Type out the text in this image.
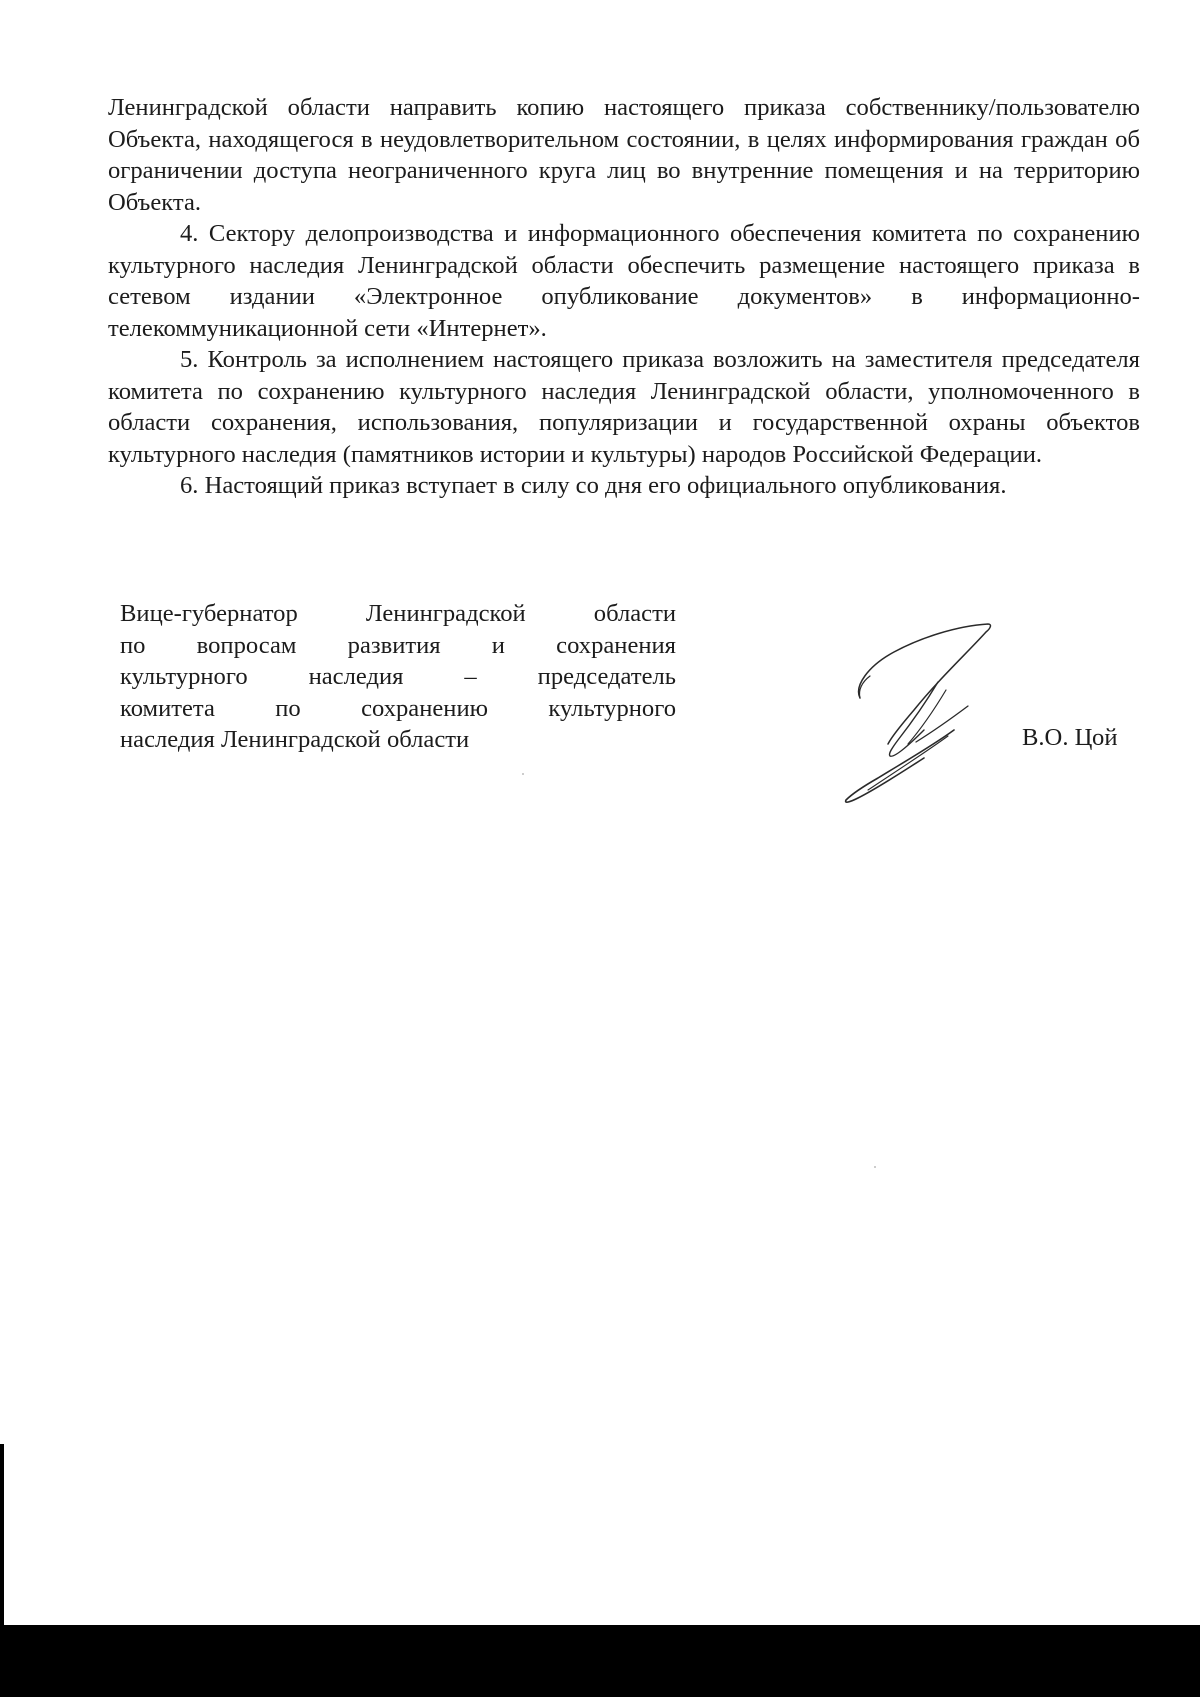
Ленинградской области направить копию настоящего приказа собственнику/пользователю Объекта, находящегося в неудовлетворительном состоянии, в целях информирования граждан об ограничении доступа неограниченного круга лиц во внутренние помещения и на территорию Объекта.

4. Сектору делопроизводства и информационного обеспечения комитета по сохранению культурного наследия Ленинградской области обеспечить размещение настоящего приказа в сетевом издании «Электронное опубликование документов» в информационно-телекоммуникационной сети «Интернет».

5. Контроль за исполнением настоящего приказа возложить на заместителя председателя комитета по сохранению культурного наследия Ленинградской области, уполномоченного в области сохранения, использования, популяризации и государственной охраны объектов культурного наследия (памятников истории и культуры) народов Российской Федерации.

6. Настоящий приказ вступает в силу со дня его официального опубликования.

Вице-губернатор Ленинградской области
по вопросам развития и сохранения
культурного наследия – председатель
комитета по сохранению культурного
наследия Ленинградской области	В.О. Цой
